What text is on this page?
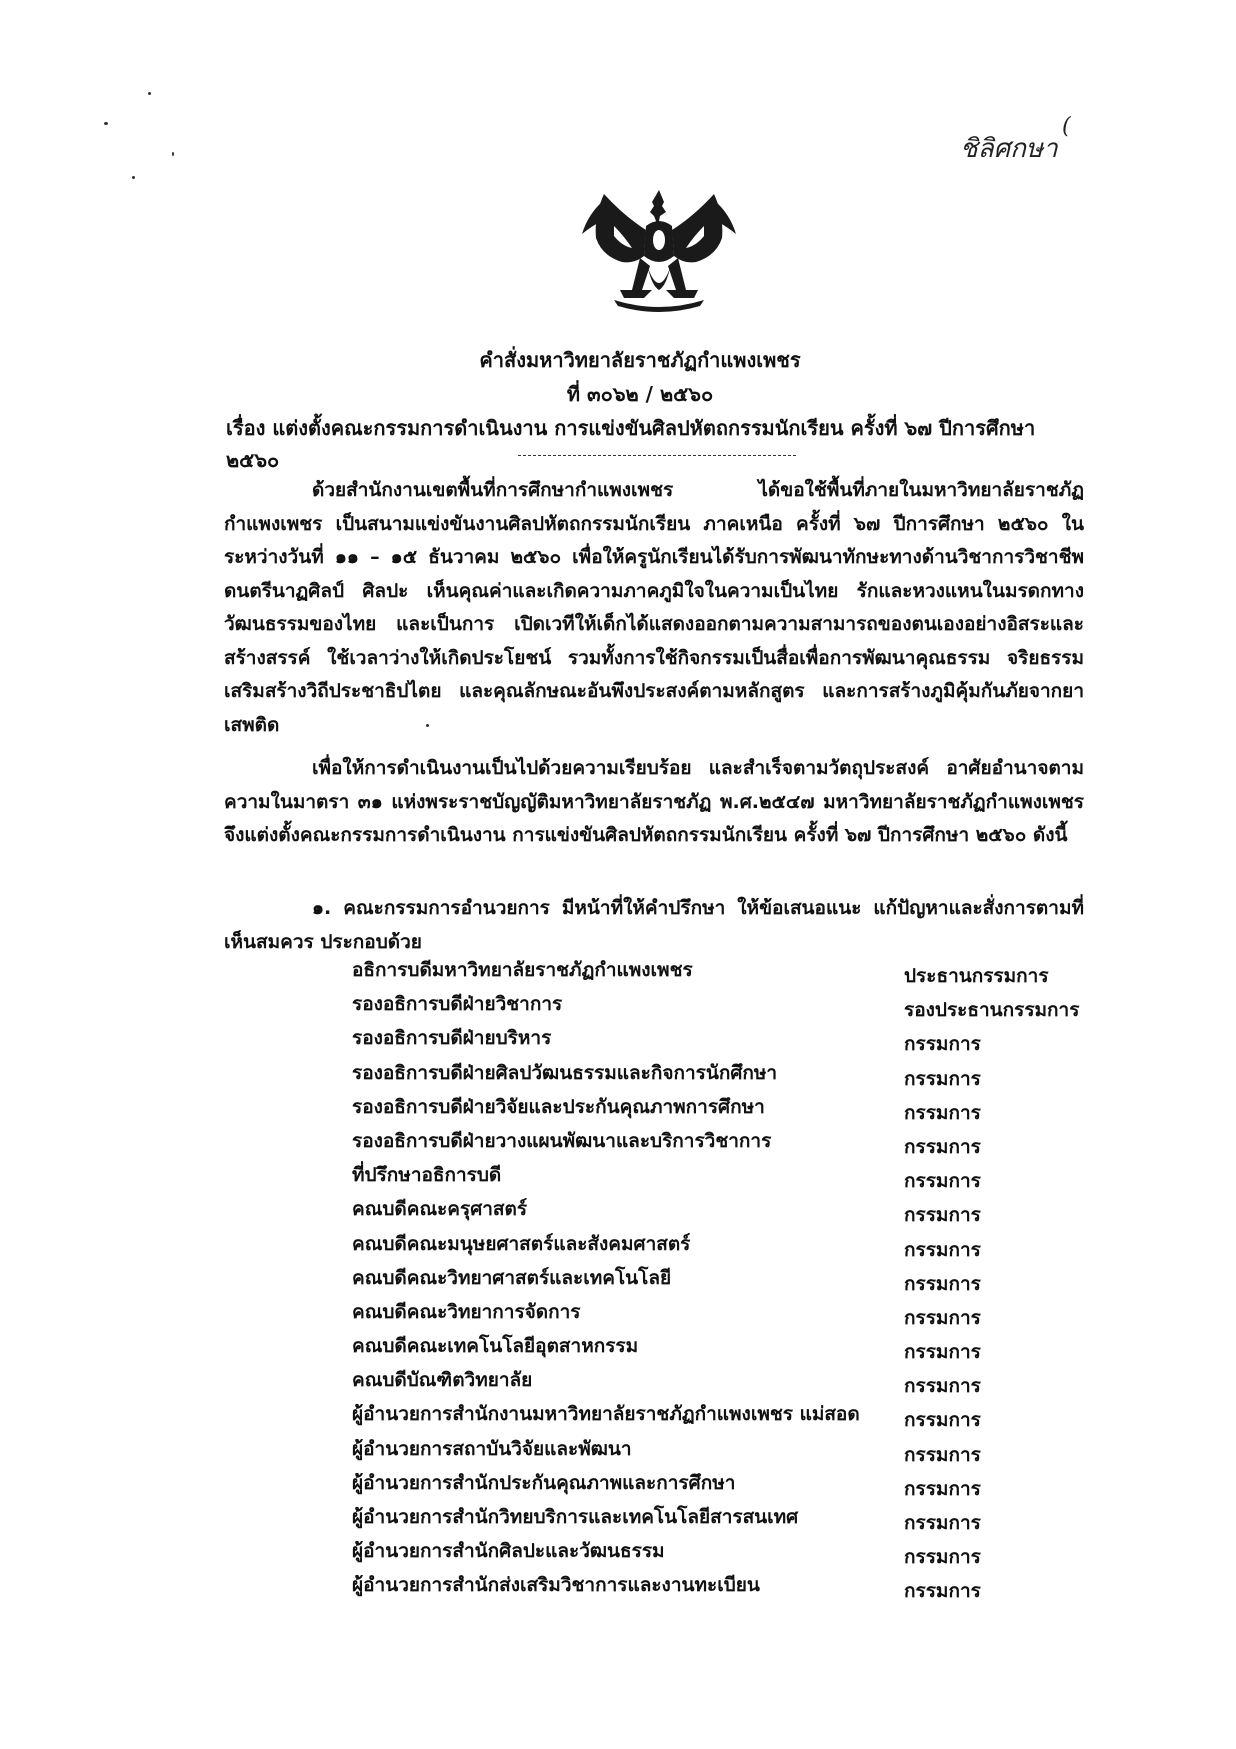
ชิลิศกษา
(
คำสั่งมหาวิทยาลัยราชภัฏกำแพงเพชร
ที่ ๓๐๖๒ / ๒๕๖๐
เรื่อง แต่งตั้งคณะกรรมการดำเนินงาน การแข่งขันศิลปหัตถกรรมนักเรียน ครั้งที่ ๖๗ ปีการศึกษา ๒๕๖๐
ด้วยสำนักงานเขตพื้นที่การศึกษากำแพงเพชร ได้ขอใช้พื้นที่ภายในมหาวิทยาลัยราชภัฏกำแพงเพชร เป็นสนามแข่งขันงานศิลปหัตถกรรมนักเรียน ภาคเหนือ ครั้งที่ ๖๗ ปีการศึกษา ๒๕๖๐ ในระหว่างวันที่ ๑๑ – ๑๕ ธันวาคม ๒๕๖๐ เพื่อให้ครูนักเรียนได้รับการพัฒนาทักษะทางด้านวิชาการวิชาชีพ ดนตรีนาฏศิลป์ ศิลปะ เห็นคุณค่าและเกิดความภาคภูมิใจในความเป็นไทย รักและหวงแหนในมรดกทางวัฒนธรรมของไทย และเป็นการ เปิดเวทีให้เด็กได้แสดงออกตามความสามารถของตนเองอย่างอิสระและสร้างสรรค์ ใช้เวลาว่างให้เกิดประโยชน์ รวมทั้งการใช้กิจกรรมเป็นสื่อเพื่อการพัฒนาคุณธรรม จริยธรรม เสริมสร้างวิถีประชาธิปไตย และคุณลักษณะอันพึงประสงค์ตามหลักสูตร และการสร้างภูมิคุ้มกันภัยจากยาเสพติด
เพื่อให้การดำเนินงานเป็นไปด้วยความเรียบร้อย และสำเร็จตามวัตถุประสงค์ อาศัยอำนาจตามความในมาตรา ๓๑ แห่งพระราชบัญญัติมหาวิทยาลัยราชภัฏ พ.ศ.๒๕๔๗ มหาวิทยาลัยราชภัฏกำแพงเพชร จึงแต่งตั้งคณะกรรมการดำเนินงาน การแข่งขันศิลปหัตถกรรมนักเรียน ครั้งที่ ๖๗ ปีการศึกษา ๒๕๖๐ ดังนี้
๑. คณะกรรมการอำนวยการ มีหน้าที่ให้คำปรึกษา ให้ข้อเสนอแนะ แก้ปัญหาและสั่งการตามที่เห็นสมควร ประกอบด้วย
อธิการบดีมหาวิทยาลัยราชภัฏกำแพงเพชร	ประธานกรรมการ
รองอธิการบดีฝ่ายวิชาการ	รองประธานกรรมการ
รองอธิการบดีฝ่ายบริหาร	กรรมการ
รองอธิการบดีฝ่ายศิลปวัฒนธรรมและกิจการนักศึกษา	กรรมการ
รองอธิการบดีฝ่ายวิจัยและประกันคุณภาพการศึกษา	กรรมการ
รองอธิการบดีฝ่ายวางแผนพัฒนาและบริการวิชาการ	กรรมการ
ที่ปรึกษาอธิการบดี	กรรมการ
คณบดีคณะครุศาสตร์	กรรมการ
คณบดีคณะมนุษยศาสตร์และสังคมศาสตร์	กรรมการ
คณบดีคณะวิทยาศาสตร์และเทคโนโลยี	กรรมการ
คณบดีคณะวิทยาการจัดการ	กรรมการ
คณบดีคณะเทคโนโลยีอุตสาหกรรม	กรรมการ
คณบดีบัณฑิตวิทยาลัย	กรรมการ
ผู้อำนวยการสำนักงานมหาวิทยาลัยราชภัฏกำแพงเพชร แม่สอด กรรมการ
ผู้อำนวยการสถาบันวิจัยและพัฒนา	กรรมการ
ผู้อำนวยการสำนักประกันคุณภาพและการศึกษา	กรรมการ
ผู้อำนวยการสำนักวิทยบริการและเทคโนโลยีสารสนเทศ	กรรมการ
ผู้อำนวยการสำนักศิลปะและวัฒนธรรม	กรรมการ
ผู้อำนวยการสำนักส่งเสริมวิชาการและงานทะเบียน	กรรมการ
